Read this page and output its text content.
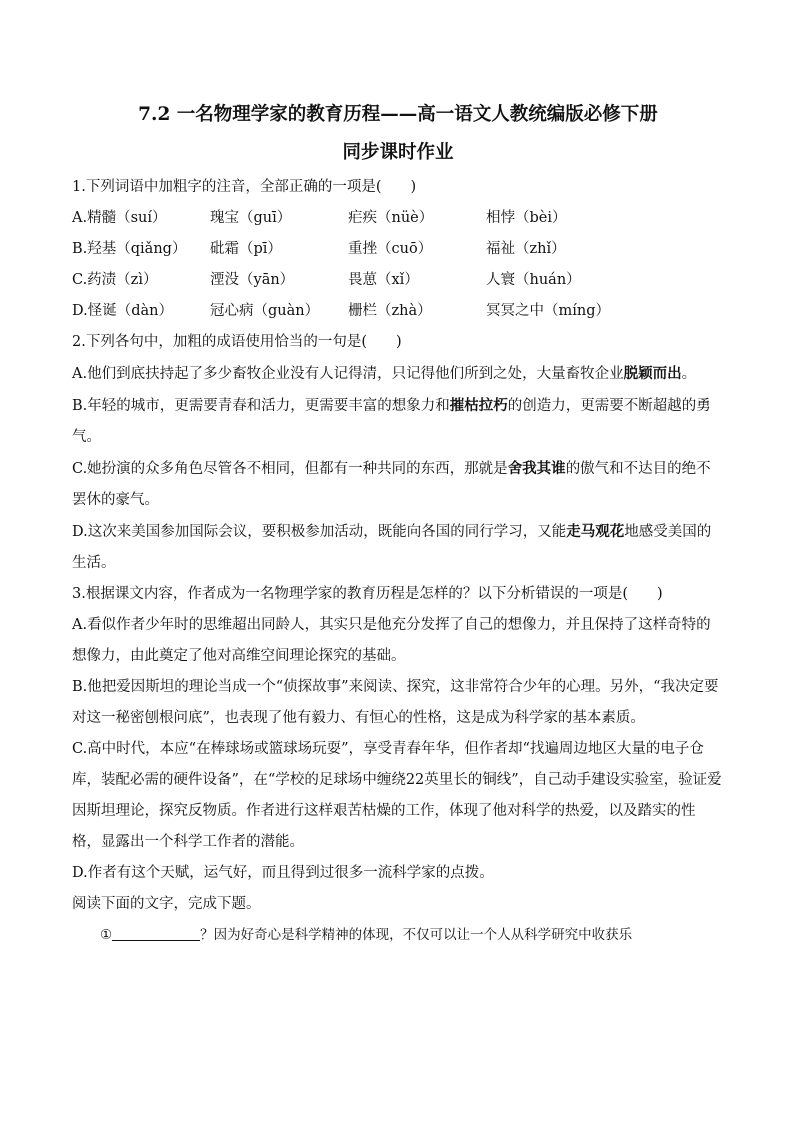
7.2 一名物理学家的教育历程——高一语文人教统编版必修下册

同步课时作业

1.下列词语中加粗字的注音，全部正确的一项是(　　)

A.精髓（suí）	瑰宝（guī）	疟疾（nüè）	相悖（bèi）
B.羟基（qiǎng）	砒霜（pī）	重挫（cuō）	福祉（zhǐ）
C.药渍（zì）	湮没（yān）	畏葸（xǐ）	人寰（huán）
D.怪诞（dàn）	冠心病（guàn）	栅栏（zhà）	冥冥之中（míng）

2.下列各句中，加粗的成语使用恰当的一句是(　　)

A.他们到底扶持起了多少畜牧企业没有人记得清，只记得他们所到之处，大量畜牧企业脱颖而出。

B.年轻的城市，更需要青春和活力，更需要丰富的想象力和摧枯拉朽的创造力，更需要不断超越的勇气。

C.她扮演的众多角色尽管各不相同，但都有一种共同的东西，那就是舍我其谁的傲气和不达目的绝不罢休的豪气。

D.这次来美国参加国际会议，要积极参加活动，既能向各国的同行学习，又能走马观花地感受美国的生活。

3.根据课文内容，作者成为一名物理学家的教育历程是怎样的？以下分析错误的一项是(　　)

A.看似作者少年时的思维超出同龄人，其实只是他充分发挥了自己的想像力，并且保持了这样奇特的想像力，由此奠定了他对高维空间理论探究的基础。

B.他把爱因斯坦的理论当成一个“侦探故事”来阅读、探究，这非常符合少年的心理。另外，“我决定要对这一秘密刨根问底”，也表现了他有毅力、有恒心的性格，这是成为科学家的基本素质。

C.高中时代，本应“在棒球场或篮球场玩耍”，享受青春年华，但作者却“找遍周边地区大量的电子仓库，装配必需的硬件设备”，在“学校的足球场中缠绕22英里长的铜线”，自己动手建设实验室，验证爱因斯坦理论，探究反物质。作者进行这样艰苦枯燥的工作，体现了他对科学的热爱，以及踏实的性格，显露出一个科学工作者的潜能。

D.作者有这个天赋，运气好，而且得到过很多一流科学家的点拨。

阅读下面的文字，完成下题。

①	？因为好奇心是科学精神的体现，不仅可以让一个人从科学研究中收获乐
